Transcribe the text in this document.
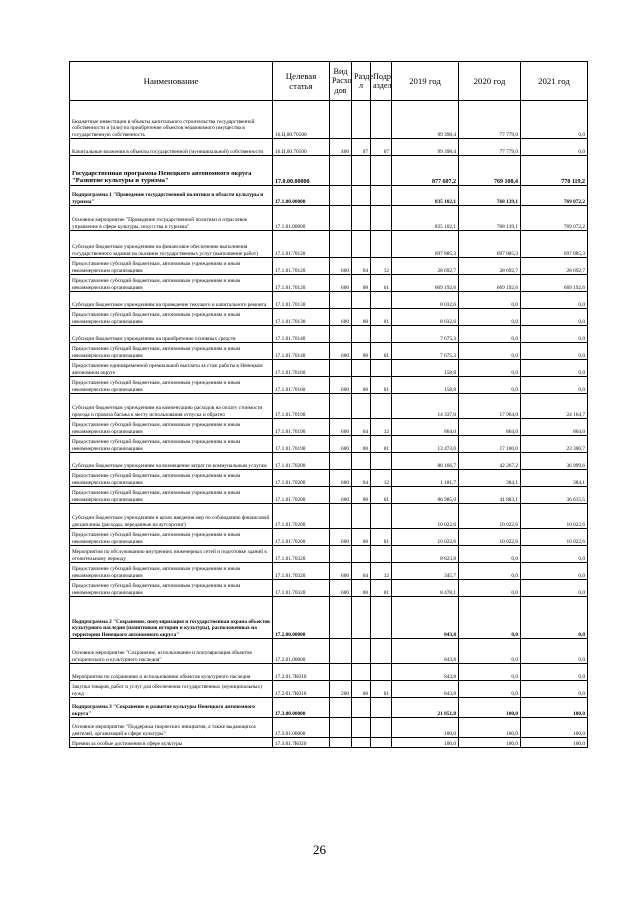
Наименование	Целевая статья	Вид Расхо дов	Разде л	Подр аздел	2019 год	2020 год	2021 год
Бюджетные инвестиции в объекты капитального строительства государственной собственности и (или) на приобретение объектов недвижимого имущества в государственную собственность	16.Ц.00.70500				99 398,4	77 779,0	0,0
Капитальные вложения в объекты государственной (муниципальной) собственности	16.Ц.00.70500	400	07	07	99 398,4	77 779,0	0,0
Государственная программа Ненецкого автономного округа "Развитие культуры и туризма"	17.0.00.00000				877 607,2	769 108,4	770 119,2
Подпрограмма 1 "Проведение государственной политики в области культуры и туризма"	17.1.00.00000				835 102,1	768 139,1	769 072,2
Основное мероприятие "Проведение государственной политики и отраслевое управление в сфере культуры, искусства и туризма"	17.1.01.00000				835 102,1	768 139,1	769 072,2
Субсидии бюджетным учреждениям на финансовое обеспечение выполнения государственного задания на оказание государственных услуг (выполнение работ)	17.1.01.70120				697 885,3	697 885,3	697 885,3
Предоставление субсидий бюджетным, автономным учреждениям и иным некоммерческим организациям	17.1.01.70120	600	04	12	28 692,7	28 692,7	28 692,7
Предоставление субсидий бюджетным, автономным учреждениям и иным некоммерческим организациям	17.1.01.70120	600	08	01	669 192,6	669 192,6	669 192,6
Субсидии бюджетным учреждениям на проведение текущего и капитального ремонта	17.1.01.70130				8 032,6	0,0	0,0
Предоставление субсидий бюджетным, автономным учреждениям и иным некоммерческим организациям	17.1.01.70130	600	08	01	8 032,6	0,0	0,0
Субсидии бюджетным учреждениям на приобретение основных средств	17.1.01.70140				7 675,3	0,0	0,0
Предоставление субсидий бюджетным, автономным учреждениям и иным некоммерческим организациям	17.1.01.70140	600	08	01	7 675,3	0,0	0,0
Предоставление единовременной премиальной выплаты за стаж работы в Ненецком автономном округе	17.1.01.70160				158,8	0,0	0,0
Предоставление субсидий бюджетным, автономным учреждениям и иным некоммерческим организациям	17.1.01.70160	600	08	01	158,8	0,0	0,0
Субсидии бюджетным учреждениям на компенсацию расходов на оплату стоимости проезда и провоза багажа к месту использования отпуска и обратно	17.1.01.70190				14 337,0	17 964,0	24 164,7
Предоставление субсидий бюджетным, автономным учреждениям и иным некоммерческим организациям	17.1.01.70190	600	04	12	864,0	864,0	864,0
Предоставление субсидий бюджетным, автономным учреждениям и иным некоммерческим организациям	17.1.01.70190	600	08	01	13 473,0	17 100,0	23 300,7
Субсидии бюджетным учреждениям на возмещение затрат по коммунальным услугам	17.1.01.70200				88 166,7	42 267,2	36 999,6
Предоставление субсидий бюджетным, автономным учреждениям и иным некоммерческим организациям	17.1.01.70200	600	04	12	1 181,7	384,1	384,1
Предоставление субсидий бюджетным, автономным учреждениям и иным некоммерческим организациям	17.1.01.70200	600	08	01	86 985,0	41 883,1	36 615,5
Субсидии бюджетным учреждениям в целях введения мер по соблюдению финансовой дисциплины (расходы, переданные на аутсорсинг)	17.1.01.70260				10 022,6	10 022,6	10 022,6
Предоставление субсидий бюджетным, автономным учреждениям и иным некоммерческим организациям	17.1.01.70260	600	08	01	10 022,6	10 022,6	10 022,6
Мероприятия по обслуживанию внутренних инженерных сетей и подготовке зданий к отопительному периоду	17.1.01.70320				8 823,8	0,0	0,0
Предоставление субсидий бюджетным, автономным учреждениям и иным некоммерческим организациям	17.1.01.70320	600	04	12	345,7	0,0	0,0
Предоставление субсидий бюджетным, автономным учреждениям и иным некоммерческим организациям	17.1.01.70320	600	08	01	8 478,1	0,0	0,0
Подпрограмма 2 "Сохранение, популяризация и государственная охрана объектов культурного наследия (памятников истории и культуры), расположенных на территории Ненецкого автономного округа"	17.2.00.00000				843,8	0,0	0,0
Основное мероприятие "Сохранение, использование и популяризация объектов исторического и культурного наследия"	17.2.01.00000				843,8	0,0	0,0
Мероприятия по сохранению и использованию объектов культурного наследия	17.2.01.7К010				843,8	0,0	0,0
Закупка товаров, работ и услуг для обеспечения государственных (муниципальных) нужд	17.2.01.7К010	200	08	01	843,8	0,0	0,0
Подпрограмма 3 "Сохранение и развитие культуры Ненецкого автономного округа"	17.3.00.00000				21 851,8	100,0	100,0
Основное мероприятие "Поддержка творческих инициатив, а также выдающихся деятелей, организаций в сфере культуры"	17.3.01.00000				100,0	100,0	100,0
Премии за особые достижения в сфере культуры	17.3.01.7К020				100,0	100,0	100,0
26
